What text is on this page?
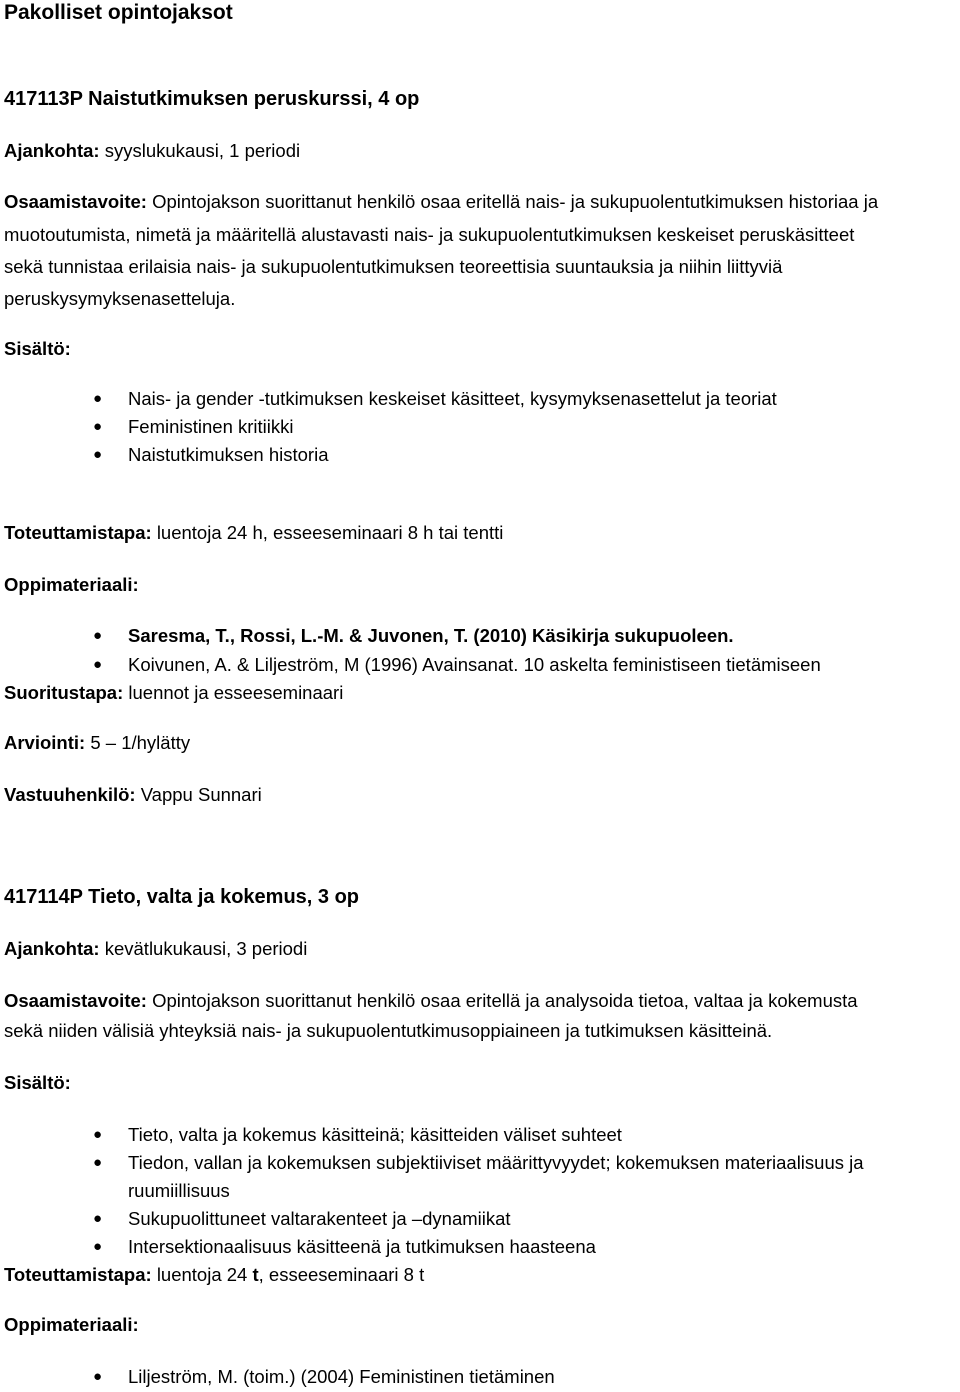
Pakolliset opintojaksot
417113P Naistutkimuksen peruskurssi, 4 op
Ajankohta: syyslukukausi, 1 periodi
Osaamistavoite: Opintojakson suorittanut henkilö osaa eritellä nais- ja sukupuolentutkimuksen historiaa ja
muotoutumista, nimetä ja määritellä alustavasti nais- ja sukupuolentutkimuksen keskeiset peruskäsitteet
sekä tunnistaa erilaisia nais- ja sukupuolentutkimuksen teoreettisia suuntauksia ja niihin liittyviä
peruskysymyksenasetteluja.
Sisältö:
● Nais- ja gender -tutkimuksen keskeiset käsitteet, kysymyksenasettelut ja teoriat
● Feministinen kritiikki
● Naistutkimuksen historia
Toteuttamistapa: luentoja 24 h, esseeseminaari 8 h tai tentti
Oppimateriaali:
● Saresma, T., Rossi, L.-M. & Juvonen, T. (2010) Käsikirja sukupuoleen.
● Koivunen, A. & Liljeström, M (1996) Avainsanat. 10 askelta feministiseen tietämiseen
Suoritustapa: luennot ja esseeseminaari
Arviointi: 5 – 1/hylätty
Vastuuhenkilö: Vappu Sunnari
417114P Tieto, valta ja kokemus, 3 op
Ajankohta: kevätlukukausi, 3 periodi
Osaamistavoite: Opintojakson suorittanut henkilö osaa eritellä ja analysoida tietoa, valtaa ja kokemusta
sekä niiden välisiä yhteyksiä nais- ja sukupuolentutkimusoppiaineen ja tutkimuksen käsitteinä.
Sisältö:
● Tieto, valta ja kokemus käsitteinä; käsitteiden väliset suhteet
● Tiedon, vallan ja kokemuksen subjektiiviset määrittyvyydet; kokemuksen materiaalisuus ja
ruumiillisuus
● Sukupuolittuneet valtarakenteet ja –dynamiikat
● Intersektionaalisuus käsitteenä ja tutkimuksen haasteena
Toteuttamistapa: luentoja 24 t, esseeseminaari 8 t
Oppimateriaali:
● Liljeström, M. (toim.) (2004) Feministinen tietäminen
